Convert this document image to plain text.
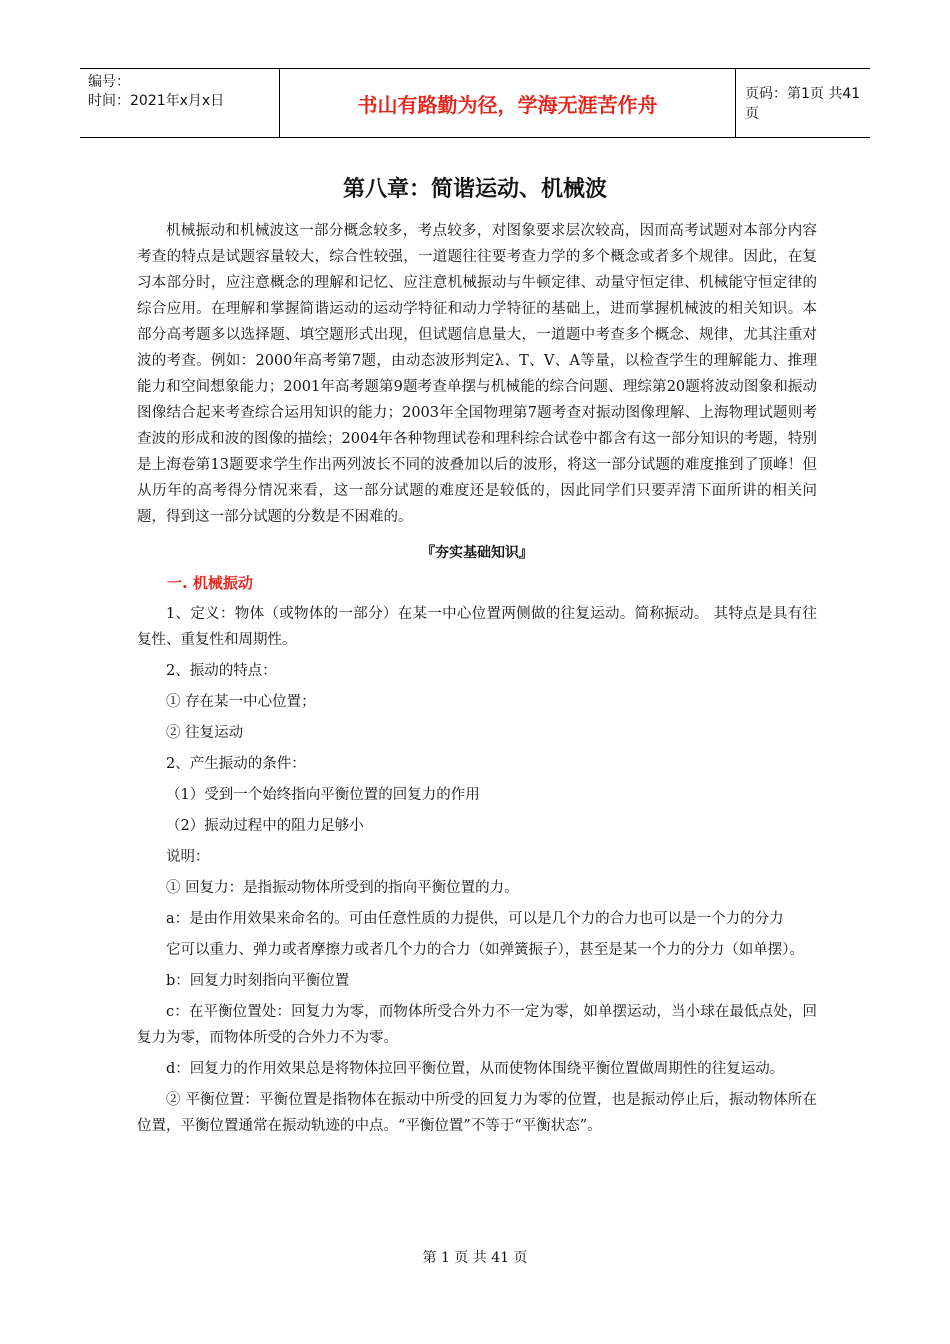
编号：
时间：2021年x月x日	书山有路勤为径，学海无涯苦作舟	页码：第1页 共41页
第八章：简谐运动、机械波

机械振动和机械波这一部分概念较多，考点较多，对图象要求层次较高，因而高考试题对本部分内容考查的特点是试题容量较大，综合性较强，一道题往往要考查力学的多个概念或者多个规律。因此，在复习本部分时，应注意概念的理解和记忆、应注意机械振动与牛顿定律、动量守恒定律、机械能守恒定律的综合应用。在理解和掌握简谐运动的运动学特征和动力学特征的基础上，进而掌握机械波的相关知识。本部分高考题多以选择题、填空题形式出现，但试题信息量大，一道题中考查多个概念、规律，尤其注重对波的考查。例如：2000年高考第7题，由动态波形判定λ、T、V、A等量，以检查学生的理解能力、推理能力和空间想象能力；2001年高考题第9题考查单摆与机械能的综合问题、理综第20题将波动图象和振动图像结合起来考查综合运用知识的能力；2003年全国物理第7题考查对振动图像理解、上海物理试题则考查波的形成和波的图像的描绘；2004年各种物理试卷和理科综合试卷中都含有这一部分知识的考题，特别是上海卷第13题要求学生作出两列波长不同的波叠加以后的波形，将这一部分试题的难度推到了顶峰！但从历年的高考得分情况来看，这一部分试题的难度还是较低的，因此同学们只要弄清下面所讲的相关问题，得到这一部分试题的分数是不困难的。

『夯实基础知识』

一. 机械振动

1、定义：物体（或物体的一部分）在某一中心位置两侧做的往复运动。简称振动。 其特点是具有往复性、重复性和周期性。

2、振动的特点：

① 存在某一中心位置；

② 往复运动

2、产生振动的条件：

（1）受到一个始终指向平衡位置的回复力的作用

（2）振动过程中的阻力足够小

说明：

① 回复力：是指振动物体所受到的指向平衡位置的力。

a：是由作用效果来命名的。可由任意性质的力提供，可以是几个力的合力也可以是一个力的分力

它可以重力、弹力或者摩擦力或者几个力的合力（如弹簧振子），甚至是某一个力的分力（如单摆）。

b：回复力时刻指向平衡位置

c：在平衡位置处：回复力为零，而物体所受合外力不一定为零，如单摆运动，当小球在最低点处，回复力为零，而物体所受的合外力不为零。

d：回复力的作用效果总是将物体拉回平衡位置，从而使物体围绕平衡位置做周期性的往复运动。

② 平衡位置：平衡位置是指物体在振动中所受的回复力为零的位置，也是振动停止后，振动物体所在位置，平衡位置通常在振动轨迹的中点。“平衡位置”不等于“平衡状态”。

第 1 页 共 41 页
